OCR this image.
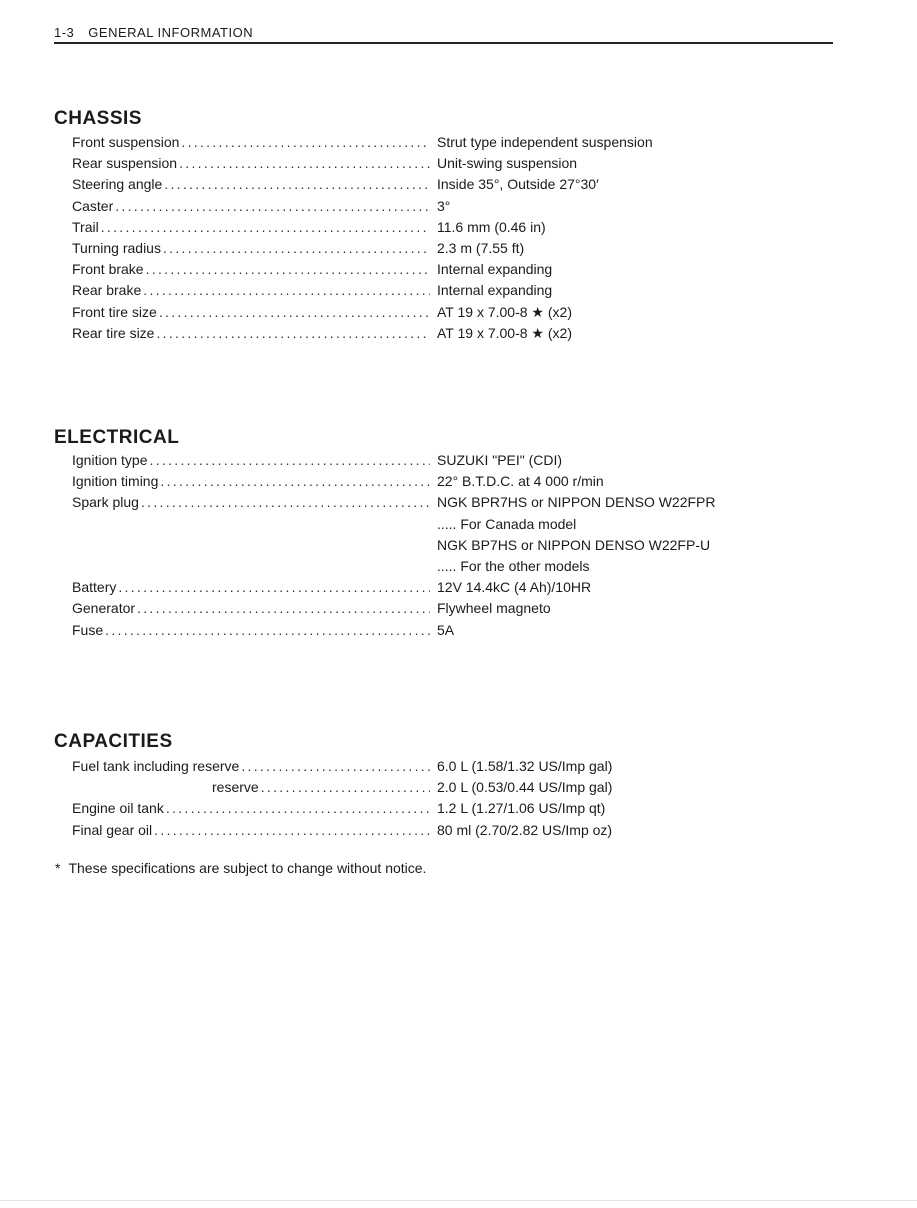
1-3 GENERAL INFORMATION
CHASSIS
Front suspension .....	Strut type independent suspension
Rear suspension .....	Unit-swing suspension
Steering angle .....	Inside 35°, Outside 27°30′
Caster .....	3°
Trail .....	11.6 mm (0.46 in)
Turning radius .....	2.3 m (7.55 ft)
Front brake .....	Internal expanding
Rear brake .....	Internal expanding
Front tire size .....	AT 19 x 7.00-8 ★ (x2)
Rear tire size .....	AT 19 x 7.00-8 ★ (x2)
ELECTRICAL
Ignition type .....	SUZUKI "PEI" (CDI)
Ignition timing .....	22° B.T.D.C. at 4 000 r/min
Spark plug .....	NGK BPR7HS or NIPPON DENSO W22FPR
..... For Canada model
NGK BP7HS or NIPPON DENSO W22FP-U
..... For the other models
Battery .....	12V 14.4kC (4 Ah)/10HR
Generator .....	Flywheel magneto
Fuse .....	5A
CAPACITIES
Fuel tank including reserve .....	6.0 L (1.58/1.32 US/Imp gal)
reserve .....	2.0 L (0.53/0.44 US/Imp gal)
Engine oil tank .....	1.2 L (1.27/1.06 US/Imp qt)
Final gear oil .....	80 ml (2.70/2.82 US/Imp oz)
* These specifications are subject to change without notice.
